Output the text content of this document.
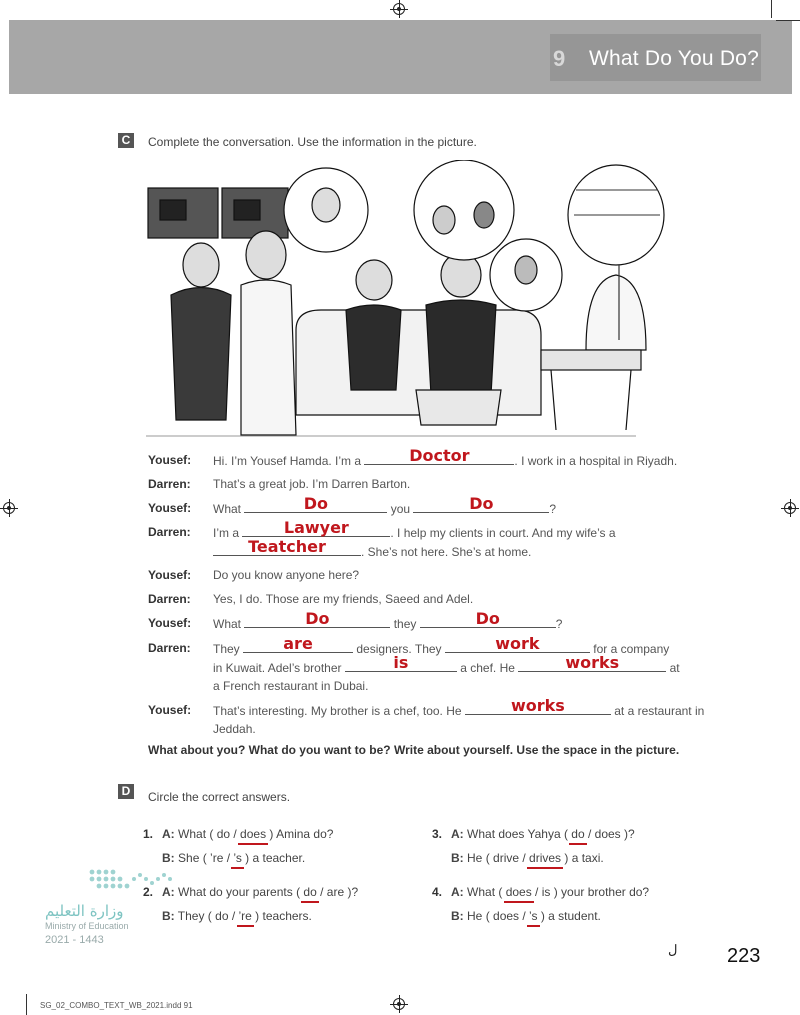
9 What Do You Do?
C	Complete the conversation. Use the information in the picture.
Yousef: Hi. I’m Yousef Hamda. I’m a	Doctor	. I work in a hospital in Riyadh.
Darren: That’s a great job. I’m Darren Barton.
Yousef: What	Do	you	Do	?
Darren: I’m a	Lawyer	. I help my clients in court. And my wife’s a
Teatcher	. She’s not here. She’s at home.
Yousef: Do you know anyone here?
Darren: Yes, I do. Those are my friends, Saeed and Adel.
Yousef: What	Do	they	Do	?
Darren: They	are	designers. They	work	for a company
in Kuwait. Adel’s brother	is	a chef. He	works	at
a French restaurant in Dubai.
Yousef: That’s interesting. My brother is a chef, too. He	works	at a restaurant in
Jeddah.
What about you? What do you want to be? Write about yourself. Use the space in the picture.
D	Circle the correct answers.
1. A: What ( do / does ) Amina do?
B: She ( ’re / ’s ) a teacher.
2. A: What do your parents ( do / are )?
B: They ( do / ’re ) teachers.
3. A: What does Yahya ( do / does )?
B: He ( drive / drives ) a taxi.
4. A: What ( does / is ) your brother do?
B: He ( does / ’s ) a student.
وزارة التعليم
Ministry of Education
2021 - 1443
ل 223
SG_02_COMBO_TEXT_WB_2021.indd 91
